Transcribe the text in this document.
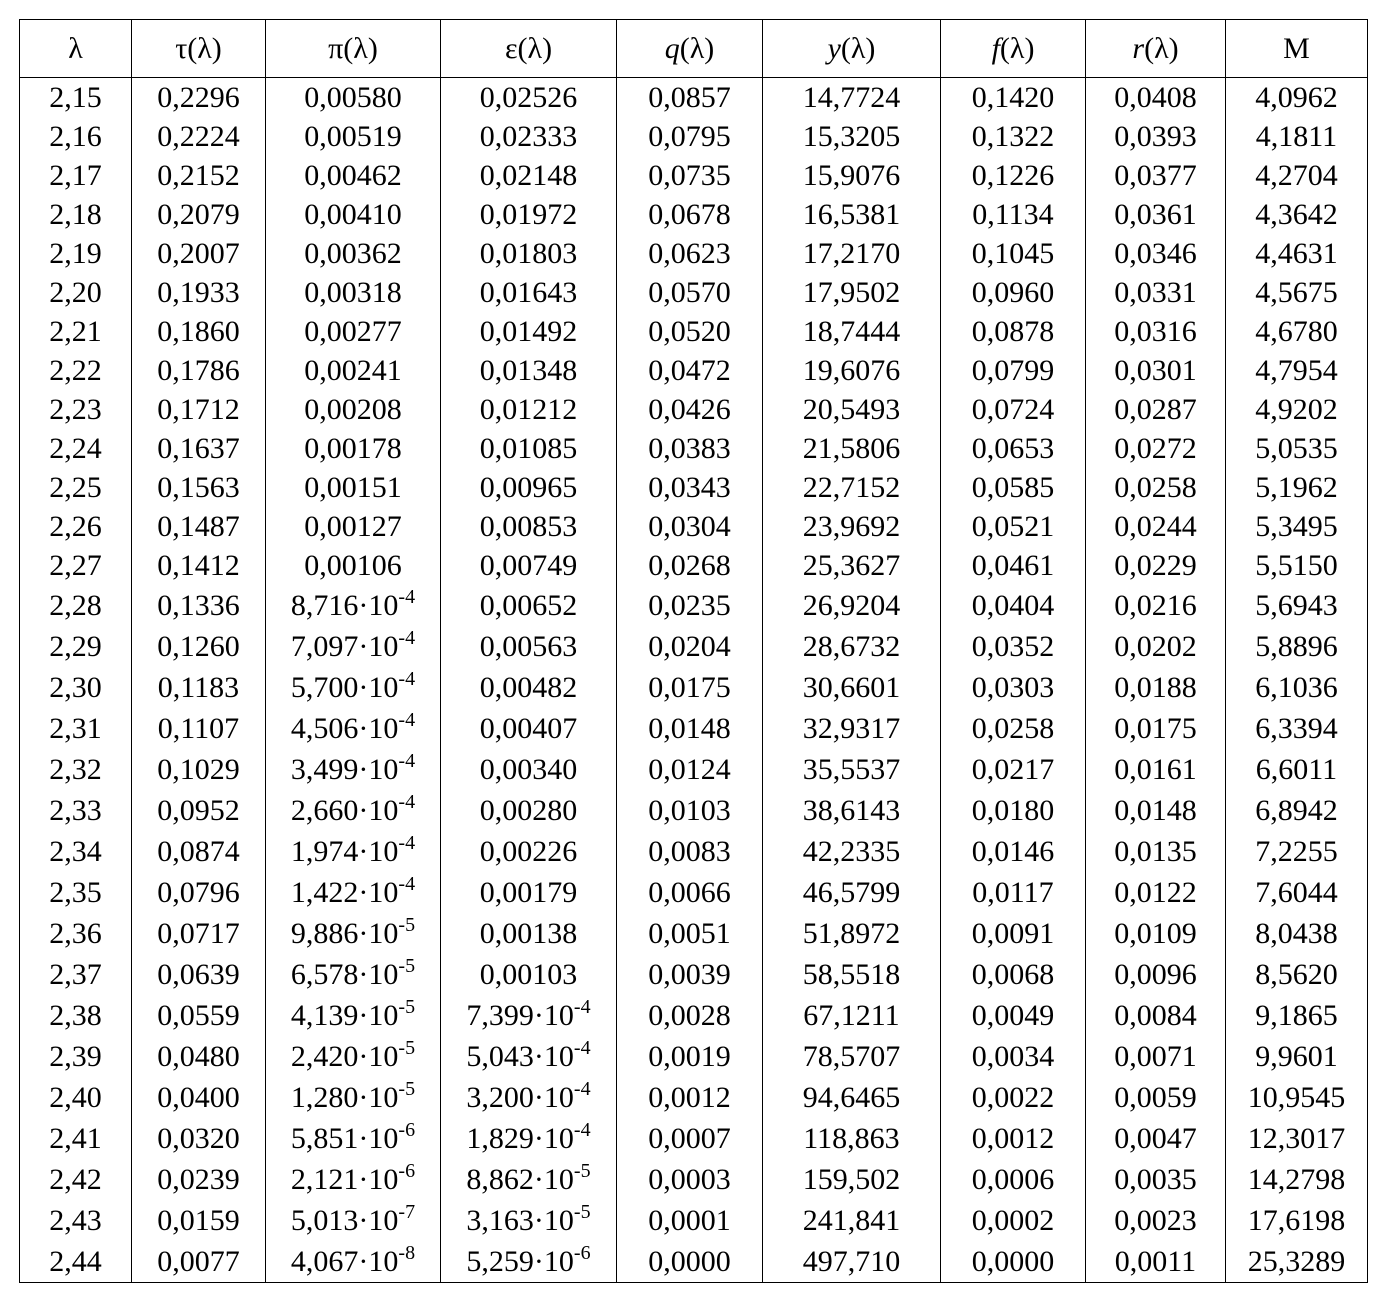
λ	τ(λ)	π(λ)	ε(λ)	q(λ)	y(λ)	f(λ)	r(λ)	M
2,15	0,2296	0,00580	0,02526	0,0857	14,7724	0,1420	0,0408	4,0962
2,16	0,2224	0,00519	0,02333	0,0795	15,3205	0,1322	0,0393	4,1811
2,17	0,2152	0,00462	0,02148	0,0735	15,9076	0,1226	0,0377	4,2704
2,18	0,2079	0,00410	0,01972	0,0678	16,5381	0,1134	0,0361	4,3642
2,19	0,2007	0,00362	0,01803	0,0623	17,2170	0,1045	0,0346	4,4631
2,20	0,1933	0,00318	0,01643	0,0570	17,9502	0,0960	0,0331	4,5675
2,21	0,1860	0,00277	0,01492	0,0520	18,7444	0,0878	0,0316	4,6780
2,22	0,1786	0,00241	0,01348	0,0472	19,6076	0,0799	0,0301	4,7954
2,23	0,1712	0,00208	0,01212	0,0426	20,5493	0,0724	0,0287	4,9202
2,24	0,1637	0,00178	0,01085	0,0383	21,5806	0,0653	0,0272	5,0535
2,25	0,1563	0,00151	0,00965	0,0343	22,7152	0,0585	0,0258	5,1962
2,26	0,1487	0,00127	0,00853	0,0304	23,9692	0,0521	0,0244	5,3495
2,27	0,1412	0,00106	0,00749	0,0268	25,3627	0,0461	0,0229	5,5150
2,28	0,1336	$8,716\cdot 10^{-4}$	0,00652	0,0235	26,9204	0,0404	0,0216	5,6943
2,29	0,1260	$7,097\cdot 10^{-4}$	0,00563	0,0204	28,6732	0,0352	0,0202	5,8896
2,30	0,1183	$5,700\cdot 10^{-4}$	0,00482	0,0175	30,6601	0,0303	0,0188	6,1036
2,31	0,1107	$4,506\cdot 10^{-4}$	0,00407	0,0148	32,9317	0,0258	0,0175	6,3394
2,32	0,1029	$3,499\cdot 10^{-4}$	0,00340	0,0124	35,5537	0,0217	0,0161	6,6011
2,33	0,0952	$2,660\cdot 10^{-4}$	0,00280	0,0103	38,6143	0,0180	0,0148	6,8942
2,34	0,0874	$1,974\cdot 10^{-4}$	0,00226	0,0083	42,2335	0,0146	0,0135	7,2255
2,35	0,0796	$1,422\cdot 10^{-4}$	0,00179	0,0066	46,5799	0,0117	0,0122	7,6044
2,36	0,0717	$9,886\cdot 10^{-5}$	0,00138	0,0051	51,8972	0,0091	0,0109	8,0438
2,37	0,0639	$6,578\cdot 10^{-5}$	0,00103	0,0039	58,5518	0,0068	0,0096	8,5620
2,38	0,0559	$4,139\cdot 10^{-5}$	$7,399\cdot 10^{-4}$	0,0028	67,1211	0,0049	0,0084	9,1865
2,39	0,0480	$2,420\cdot 10^{-5}$	$5,043\cdot 10^{-4}$	0,0019	78,5707	0,0034	0,0071	9,9601
2,40	0,0400	$1,280\cdot 10^{-5}$	$3,200\cdot 10^{-4}$	0,0012	94,6465	0,0022	0,0059	10,9545
2,41	0,0320	$5,851\cdot 10^{-6}$	$1,829\cdot 10^{-4}$	0,0007	118,863	0,0012	0,0047	12,3017
2,42	0,0239	$2,121\cdot 10^{-6}$	$8,862\cdot 10^{-5}$	0,0003	159,502	0,0006	0,0035	14,2798
2,43	0,0159	$5,013\cdot 10^{-7}$	$3,163\cdot 10^{-5}$	0,0001	241,841	0,0002	0,0023	17,6198
2,44	0,0077	$4,067\cdot 10^{-8}$	$5,259\cdot 10^{-6}$	0,0000	497,710	0,0000	0,0011	25,3289
